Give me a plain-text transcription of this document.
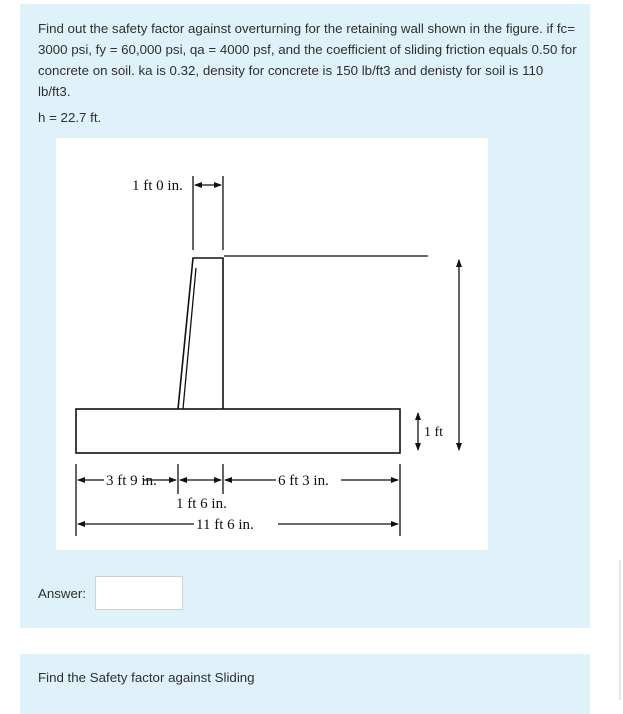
Find out the safety factor against overturning for the retaining wall shown in the figure. if fc= 3000 psi, fy = 60,000 psi, qa = 4000 psf, and the coefficient of sliding friction equals 0.50 for concrete on soil. ka is 0.32, density for concrete is 150 lb/ft3 and denisty for soil is 110 lb/ft3.
h = 22.7 ft.
1 ft 0 in.
1 ft
3 ft 9 in.	6 ft 3 in.
1 ft 6 in.
11 ft 6 in.
Answer:
Find the Safety factor against Sliding
